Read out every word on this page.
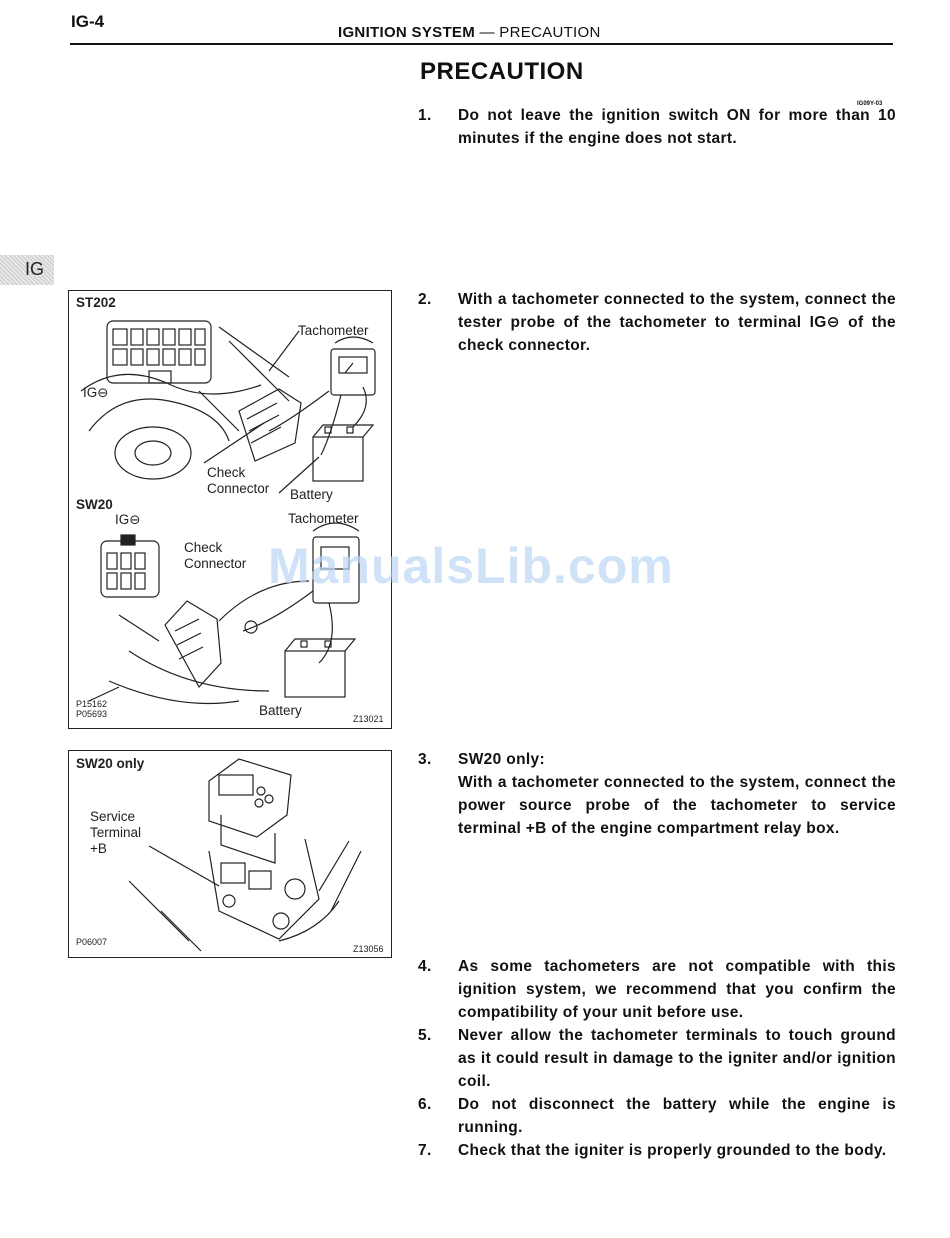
IG-4
IGNITION SYSTEM — PRECAUTION
PRECAUTION
IG09Y-03
IG
1. Do not leave the ignition switch ON for more than 10 minutes if the engine does not start.
2. With a tachometer connected to the system, connect the tester probe of the tachometer to terminal IG⊖ of the check connector.
3. SW20 only:
With a tachometer connected to the system, connect the power source probe of the tachometer to service terminal +B of the engine compartment relay box.
4. As some tachometers are not compatible with this ignition system, we recommend that you confirm the compatibility of your unit before use.
5. Never allow the tachometer terminals to touch ground as it could result in damage to the igniter and/or ignition coil.
6. Do not disconnect the battery while the engine is running.
7. Check that the igniter is properly grounded to the body.
ST202
Tachometer
IG⊖
Check
Connector Battery
SW20
IG⊖	Tachometer
Check
Connector
Battery
P15162
P05693	Z13021
SW20 only
Service
Terminal
+B
P06007
Z13056
ManualsLib.com
